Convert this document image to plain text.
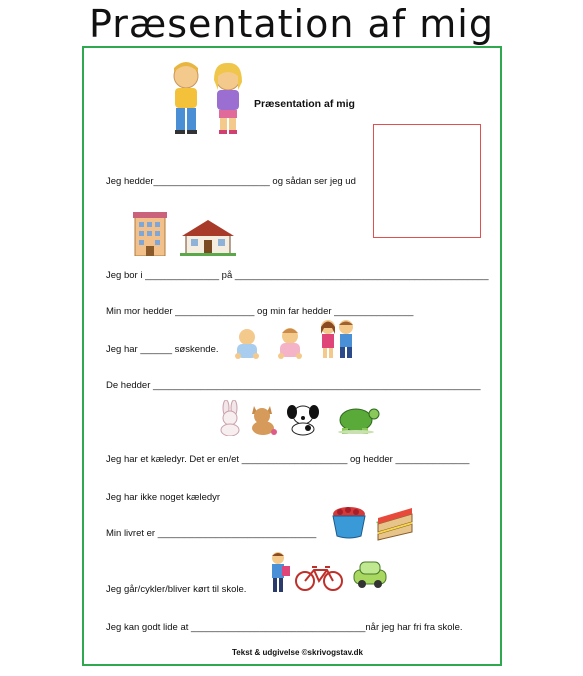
Præsentation af mig
Præsentation af mig
Jeg hedder______________________ og sådan ser jeg ud
Jeg bor i ______________ på ________________________________________________
Min mor hedder _______________ og min far hedder _______________
Jeg har ______ søskende.
De hedder ______________________________________________________________
Jeg har et kæledyr. Det er en/et ____________________ og hedder ______________
Jeg har ikke noget kæledyr
Min livret er ______________________________
Jeg går/cykler/bliver kørt til skole.
Jeg kan godt lide at _________________________________når jeg har fri fra skole.
Tekst & udgivelse ©skrivogstav.dk
